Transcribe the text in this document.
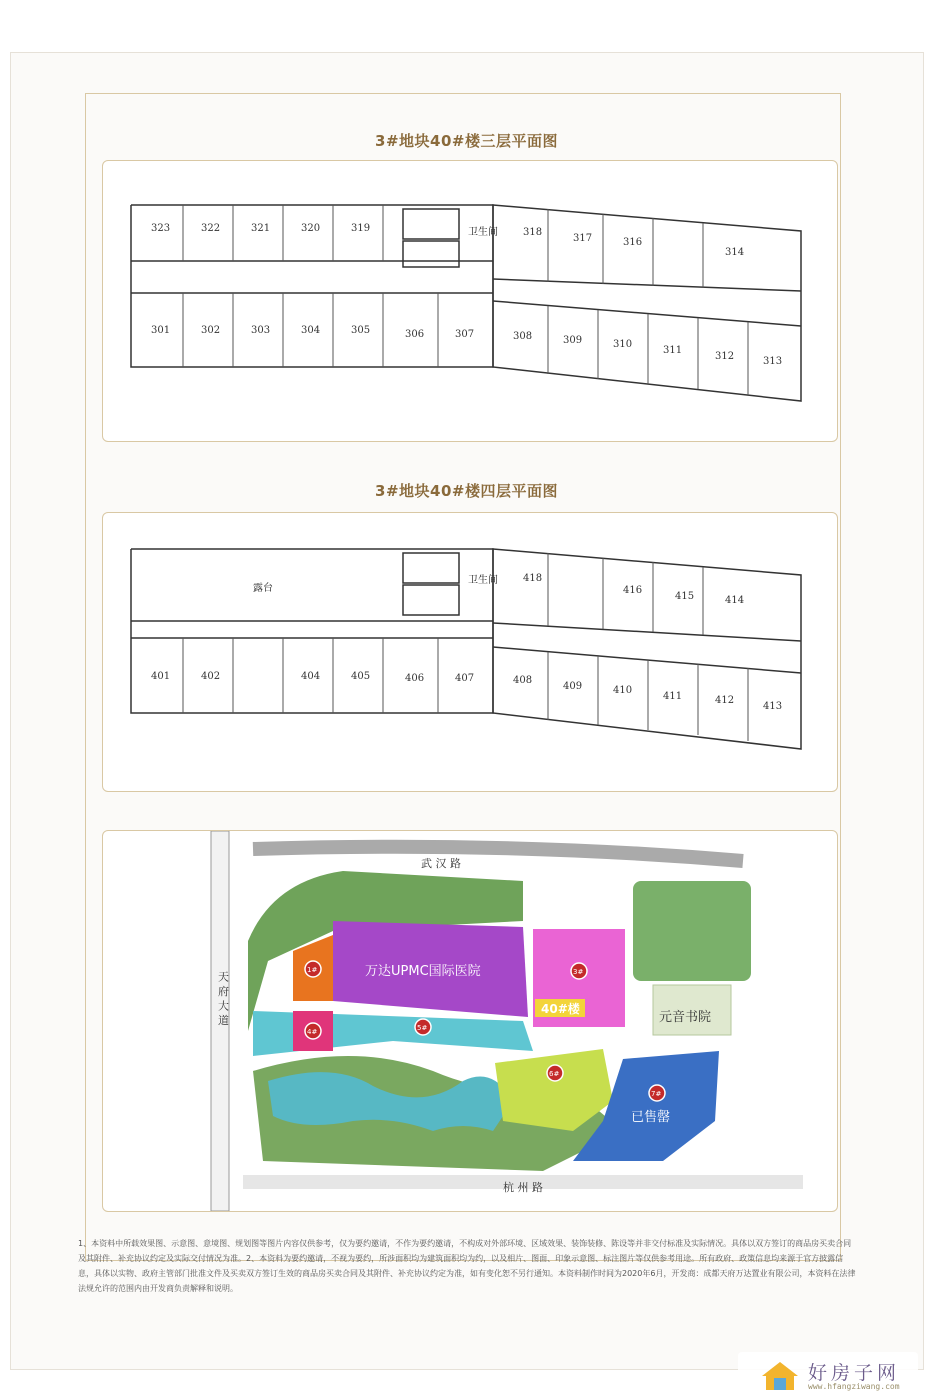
3#地块40#楼三层平面图
323	322	321	320	319
301	302	303	304	305	306	307
卫生间	318
317	316
314
308	309	310
311
312	313
3#地块40#楼四层平面图
露台
401	402	404	405	406	407
卫生间	418
416
415	414
408
409	410
411	412
413
天 府 大 道
武 汉 路
杭 州 路
万达UPMC国际医院
40#楼
已售罄
元音书院
1#	3#
4#	5#
6#
7#
1、本资料中所载效果图、示意图、意境图、规划图等图片内容仅供参考，仅为要约邀请，不作为要约邀请，不构成对外部环境、区域效果、装饰装修、陈设等并非交付标准及实际情况。具体以双方签订的商品房买卖合同及其附件、补充协议约定及实际交付情况为准。2、本资料为要约邀请，不视为要约，所涉面积均为建筑面积均为约，以及相片、图面、印象示意图、标注图片等仅供参考用途。所有政府、政策信息均来源于官方披露信息，具体以实物、政府主管部门批准文件及买卖双方签订生效的商品房买卖合同及其附件、补充协议约定为准，如有变化恕不另行通知。本资料制作时间为2020年6月，开发商：成都天府万达置业有限公司，本资料在法律法规允许的范围内由开发商负责解释和说明。
好房子网
www.hfangziwang.com
